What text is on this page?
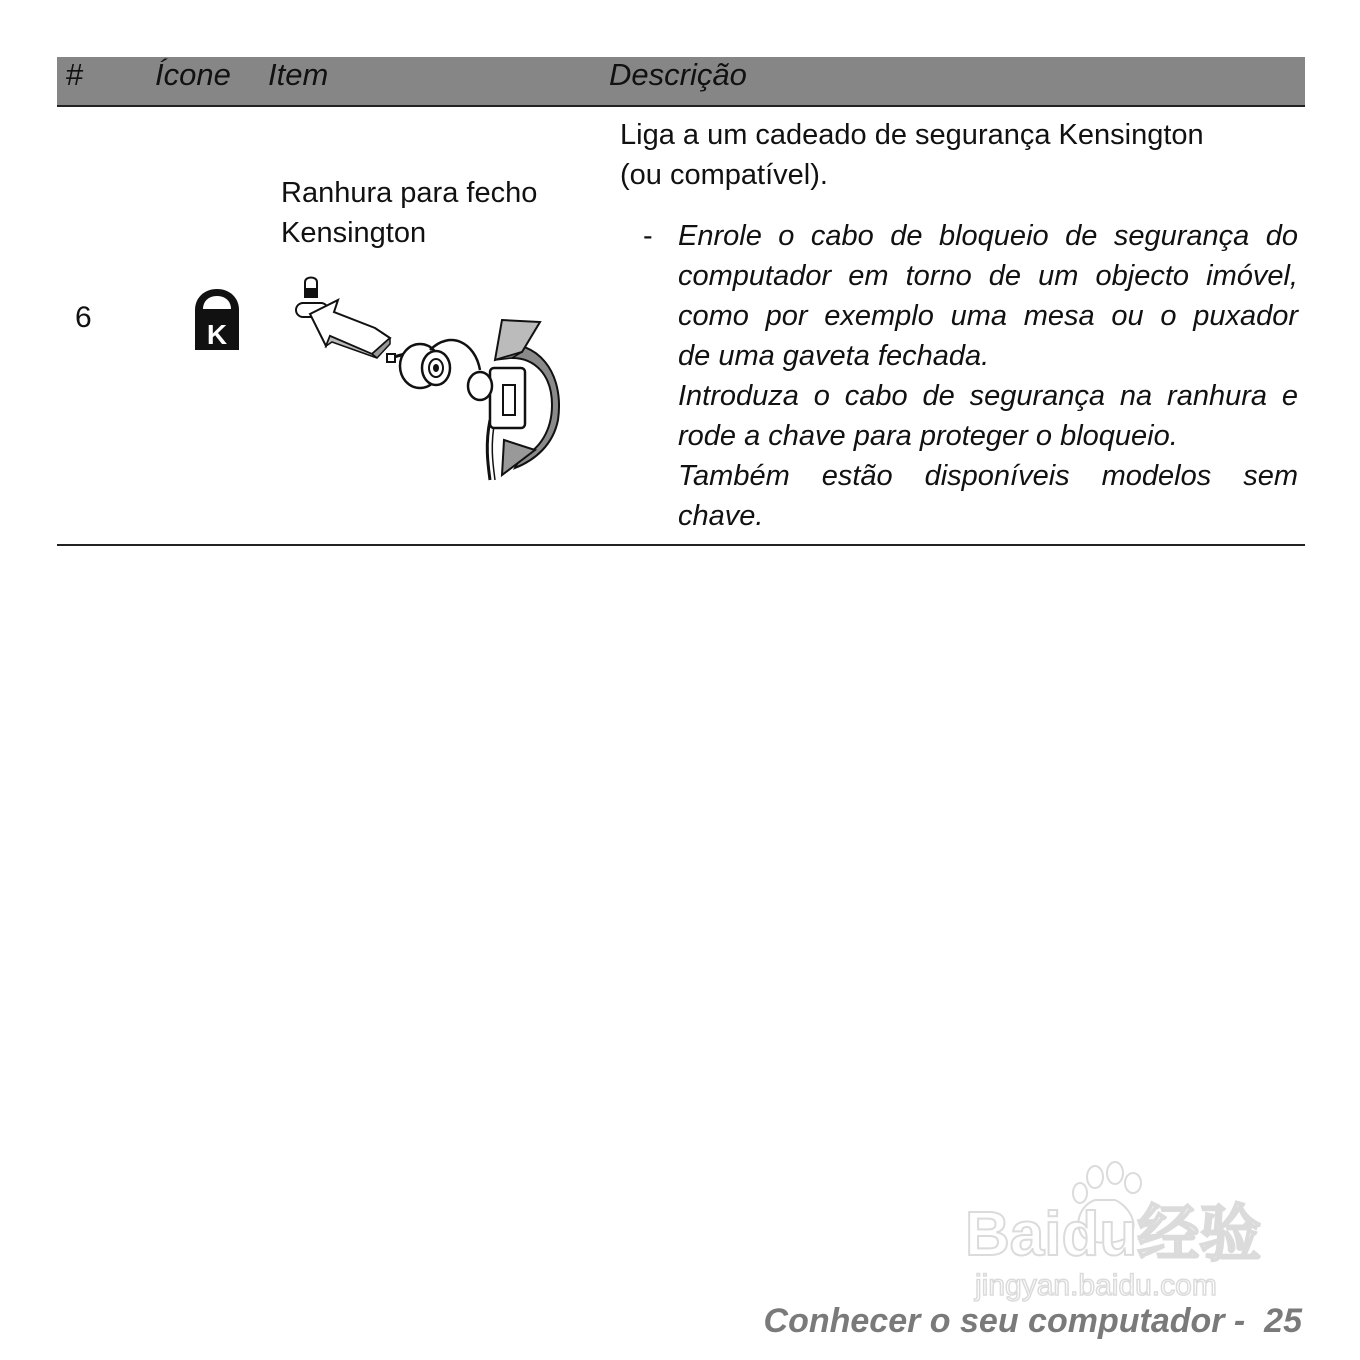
# Ícone Item	Descrição
6
K
Ranhura para fecho
Kensington
Liga a um cadeado de segurança Kensington
(ou compatível).
- Enrole o cabo de bloqueio de segurança do

computador em torno de um objecto imóvel,

como por exemplo uma mesa ou o puxador

de uma gaveta fechada.

Introduza o cabo de segurança na ranhura e

rode a chave para proteger o bloqueio.

Também estão disponíveis modelos sem

chave.

Baidu经验
jingyan.baidu.com
Conhecer o seu computador - 25
